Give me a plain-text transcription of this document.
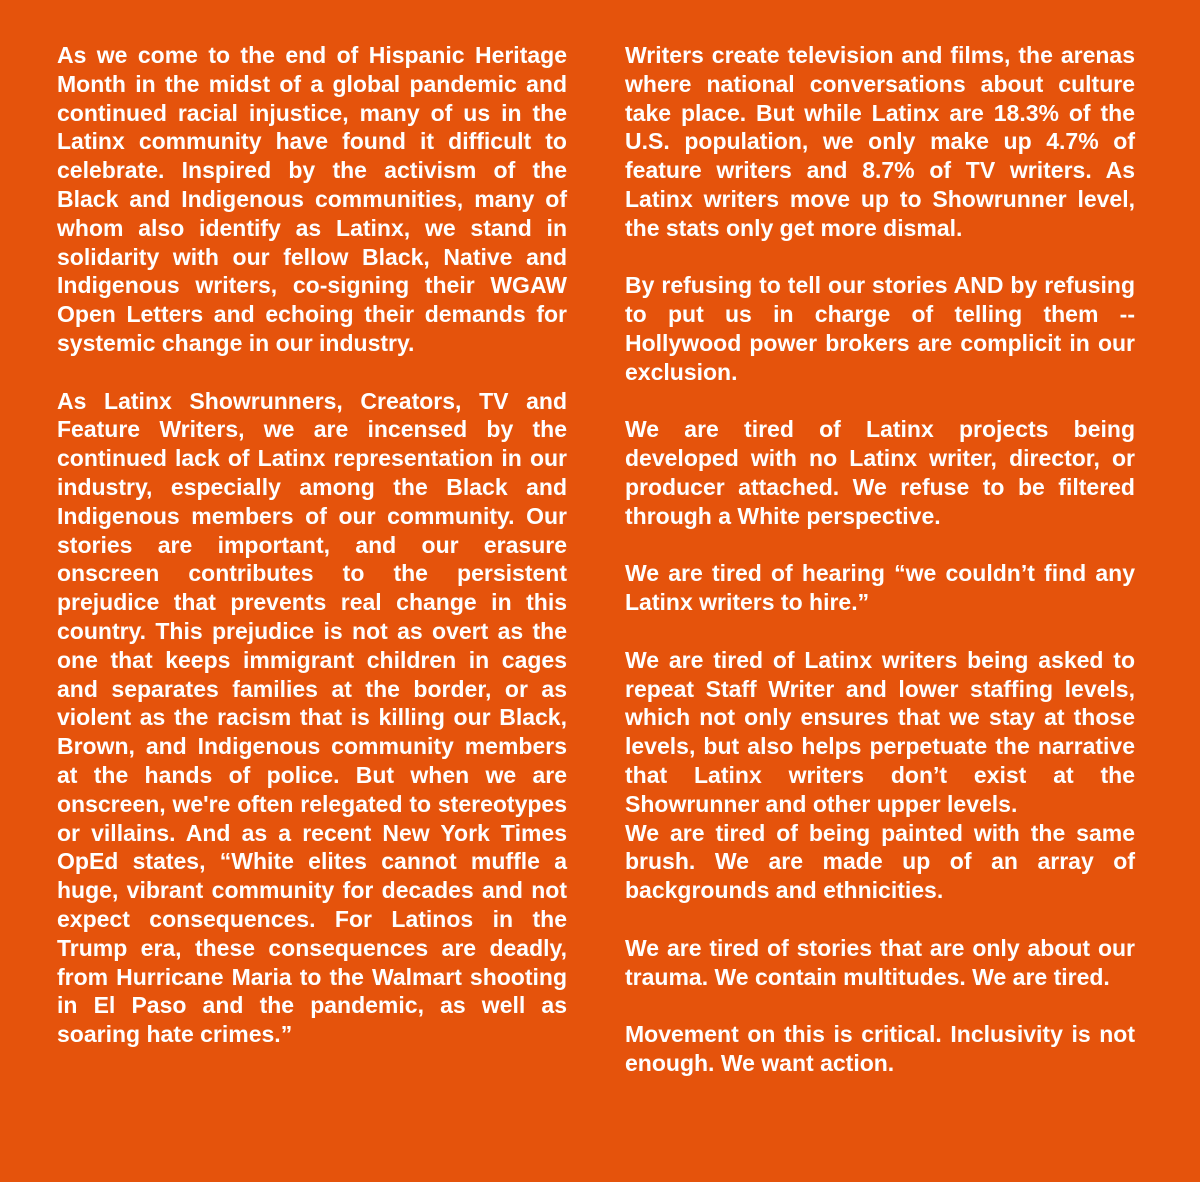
As we come to the end of Hispanic Heritage Month in the midst of a global pandemic and continued racial injustice, many of us in the Latinx community have found it difficult to celebrate. Inspired by the activism of the Black and Indigenous communities, many of whom also identify as Latinx, we stand in solidarity with our fellow Black, Native and Indigenous writers, co-signing their WGAW Open Letters and echoing their demands for systemic change in our industry.

As Latinx Showrunners, Creators, TV and Feature Writers, we are incensed by the continued lack of Latinx representation in our industry, especially among the Black and Indigenous members of our community. Our stories are important, and our erasure onscreen contributes to the persistent prejudice that prevents real change in this country. This prejudice is not as overt as the one that keeps immigrant children in cages and separates families at the border, or as violent as the racism that is killing our Black, Brown, and Indigenous community members at the hands of police. But when we are onscreen, we're often relegated to stereotypes or villains. And as a recent New York Times OpEd states, “White elites cannot muffle a huge, vibrant community for decades and not expect consequences. For Latinos in the Trump era, these consequences are deadly, from Hurricane Maria to the Walmart shooting in El Paso and the pandemic, as well as soaring hate crimes.”

Writers create television and films, the arenas where national conversations about culture take place. But while Latinx are 18.3% of the U.S. population, we only make up 4.7% of feature writers and 8.7% of TV writers. As Latinx writers move up to Showrunner level, the stats only get more dismal.

By refusing to tell our stories AND by refusing to put us in charge of telling them -- Hollywood power brokers are complicit in our exclusion.

We are tired of Latinx projects being developed with no Latinx writer, director, or producer attached. We refuse to be filtered through a White perspective.

We are tired of hearing “we couldn’t find any Latinx writers to hire.”

We are tired of Latinx writers being asked to repeat Staff Writer and lower staffing levels, which not only ensures that we stay at those levels, but also helps perpetuate the narrative that Latinx writers don’t exist at the Showrunner and other upper levels.

We are tired of being painted with the same brush. We are made up of an array of backgrounds and ethnicities.

We are tired of stories that are only about our trauma. We contain multitudes. We are tired.

Movement on this is critical. Inclusivity is not enough. We want action.
